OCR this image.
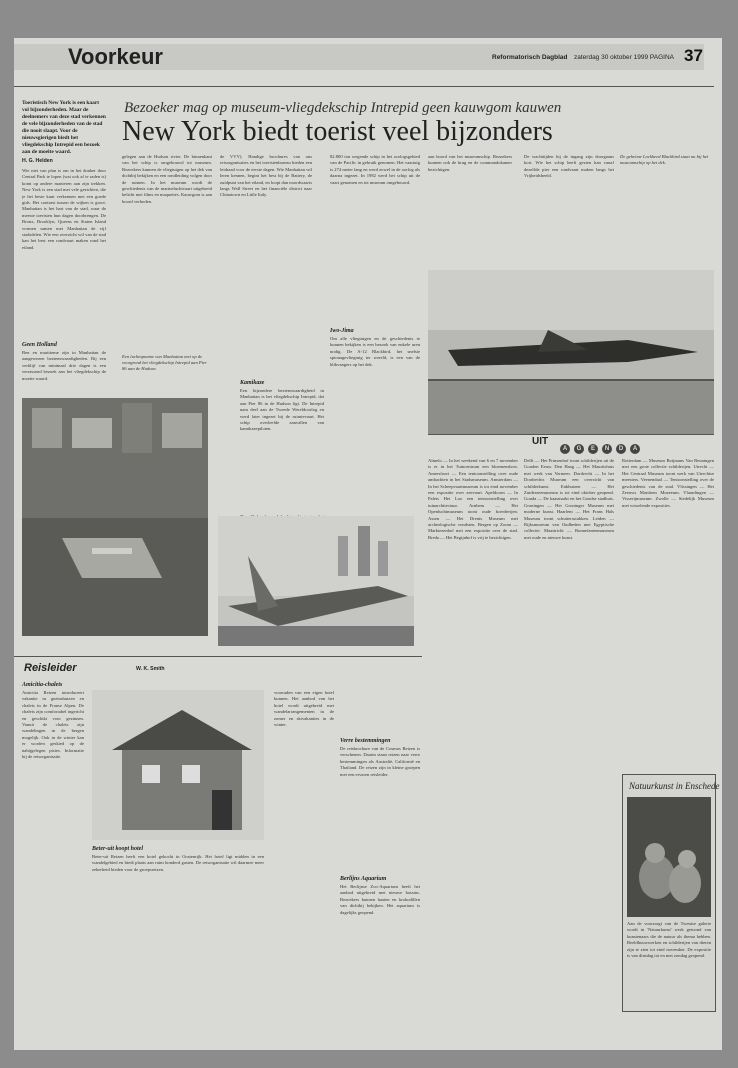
Voorkeur	Reformatorisch Dagblad zaterdag 30 oktober 1999 PAGINA 37
Toeristisch New York is een kaart vol bijzonderheden. Maar de deelnemers van deze stad verkennen de vele bijzonderheden van de stad die nooit slaapt. Voor de nieuwsgierigen biedt het vliegdekschip Intrepid een bezoek aan de moeite waard.
H. G. Helden
Wie niet van plan is om in het donker door Central Park te lopen (wat ook af te raden is) komt op andere manieren aan zijn trekken. New York is een stad met vele gezichten, die je het beste kunt verkennen met een goede gids. Het contrast tussen de wijken is groot. Manhattan is het hart van de stad, waar de meeste toeristen hun dagen doorbrengen. De Bronx, Brooklyn, Queens en Staten Island vormen samen met Manhattan de vijf stadsdelen. Wie een overzicht wil van de stad kan het best een rondvaart maken rond het eiland.
Geen Holland
Ben en maritieme zijn in Manhattan de aangewezen bezienswaardigheden. Bij een verblijf van minimaal drie dagen is een verrassend bezoek aan het vliegdekschip de moeite waard.
Bezoeker mag op museum-vliegdekschip Intrepid geen kauwgom kauwen
New York biedt toerist veel bijzonders
gelegen aan de Hudson rivier. De binnenkant van het schip is omgebouwd tot museum. Bezoekers kunnen de vliegtuigen op het dek van dichtbij bekijken en een rondleiding volgen door de ruimen. In het museum wordt de geschiedenis van de marineluchtvaart uitgebreid belicht met films en maquettes. Kauwgom is aan boord verboden.
Een luchtopname van Manhattan met op de voorgrond het vliegdekschip Intrepid aan Pier 86 aan de Hudson.
de VVV). Handige brochures van ons reisorganisaties en het toeristenbureau bieden een leidraad voor de eerste dagen. Wie Manhattan wil leren kennen, begint het best bij de Battery, de zuidpunt van het eiland, en loopt dan noordwaarts langs Wall Street en het financiële district naar Chinatown en Little Italy.
Kamikaze
Een bijzondere bezienswaardigheid in Manhattan is het vliegdekschip Intrepid, dat aan Pier 86 in de Hudson ligt. De Intrepid nam deel aan de Tweede Wereldoorlog en werd later ingezet bij de ruimtevaart. Het schip overleefde aanvallen van kamikazepiloten.
82.800 ton wegende schip in het oorlogsgebied van de Pacific in gebruik genomen. Het vaartuig is 274 meter lang en werd zowel in de oorlog als daarna ingezet. In 1982 werd het schip uit de vaart genomen en tot museum omgebouwd.
Iwo-Jima
Om alle vliegtuigen en de geschiedenis te kunnen bekijken is een bezoek van enkele uren nodig. De A-12 Blackbird, het snelste spionagevliegtuig ter wereld, is een van de blikvangers op het dek.
aan boord van het museumschip. Bezoekers kunnen ook de brug en de commandokamer bezichtigen.
De wachttijden bij de ingang zijn doorgaans kort. Wie het schip heeft gezien kan vanaf dezelfde pier een rondvaart maken langs het Vrijheidsbeeld.
De geheime Lockheed Blackbird staat nu bij het museumschip op het dek.
UIT
A	G	E	N	D	A
Almelo — In het weekend van 6 en 7 november is er in het Tuincentrum een bloemenshow. Amersfoort — Een tentoonstelling over oude ambachten in het Stadsmuseum. Amsterdam — In het Scheepvaartmuseum is tot eind november een expositie over zeevaart. Apeldoorn — In Paleis Het Loo een tentoonstelling over tuinarchitectuur. Arnhem — Het Openluchtmuseum toont oude boerderijen. Assen — Het Drents Museum met archeologische vondsten. Bergen op Zoom — Markiezenhof met een expositie over de stad. Breda — Het Begijnhof is vrij te bezichtigen.
Delft — Het Prinsenhof toont schilderijen uit de Gouden Eeuw. Den Haag — Het Mauritshuis met werk van Vermeer. Dordrecht — In het Dordrechts Museum een overzicht van schilderkunst. Enkhuizen — Het Zuiderzeemuseum is tot eind oktober geopend. Gouda — De kaasmarkt en het Goudse stadhuis. Groningen — Het Groninger Museum met moderne kunst. Haarlem — Het Frans Hals Museum toont schuttersstukken. Leiden — Rijksmuseum van Oudheden met Egyptische collectie. Maastricht — Bonnefantenmuseum met oude en nieuwe kunst.
Rotterdam — Museum Boijmans Van Beuningen met een grote collectie schilderijen. Utrecht — Het Centraal Museum toont werk van Utrechtse meesters. Veenendaal — Tentoonstelling over de geschiedenis van de stad. Vlissingen — Het Zeeuws Maritiem Muzeeum. Vlaardingen — Visserijmuseum. Zwolle — Stedelijk Museum met wisselende exposities.
Natuurkunst in Enschede
Aan de voorzorgt van de Twentse galerie wordt in 'Natuurkunst' werk getoond van kunstenaars die de natuur als thema hebben. Beeldhouwwerken en schilderijen van dieren zijn te zien tot eind november. De expositie is van dinsdag tot en met zondag geopend.
Reisleider	W. K. Smith
Amicitia-chalets
Amicitia Reizen introduceert vakantie in gezinshuizen en chalets in de Franse Alpen. De chalets zijn comfortabel ingericht en geschikt voor gezinnen. Vanuit de chalets zijn wandelingen in de bergen mogelijk. Ook in de winter kan er worden geskied op de nabijgelegen pistes. Informatie bij de reisorganisatie.
Beter-uit koopt hotel
Beter-uit Reizen heeft een hotel gekocht in Oostenrijk. Het hotel ligt midden in een wandelgebied en biedt plaats aan ruim honderd gasten. De reisorganisatie wil daarmee meer zekerheid bieden voor de groepsreizen.
voorraden van een eigen hotel kunnen. Het aanbod van het hotel wordt uitgebreid met wandelarrangementen in de zomer en skivakanties in de winter.
Verre bestemmingen
De reisbrochure van de Cosmos Reizen is verschenen. Daarin staan reizen naar verre bestemmingen als Australië, Californië en Thailand. De reizen zijn in kleine groepen met een ervaren reisleider.
Berlijns Aquarium
Het Berlijnse Zoo-Aquarium heeft het aanbod uitgebreid met nieuwe bassins. Bezoekers kunnen haaien en krokodillen van dichtbij bekijken. Het aquarium is dagelijks geopend.
